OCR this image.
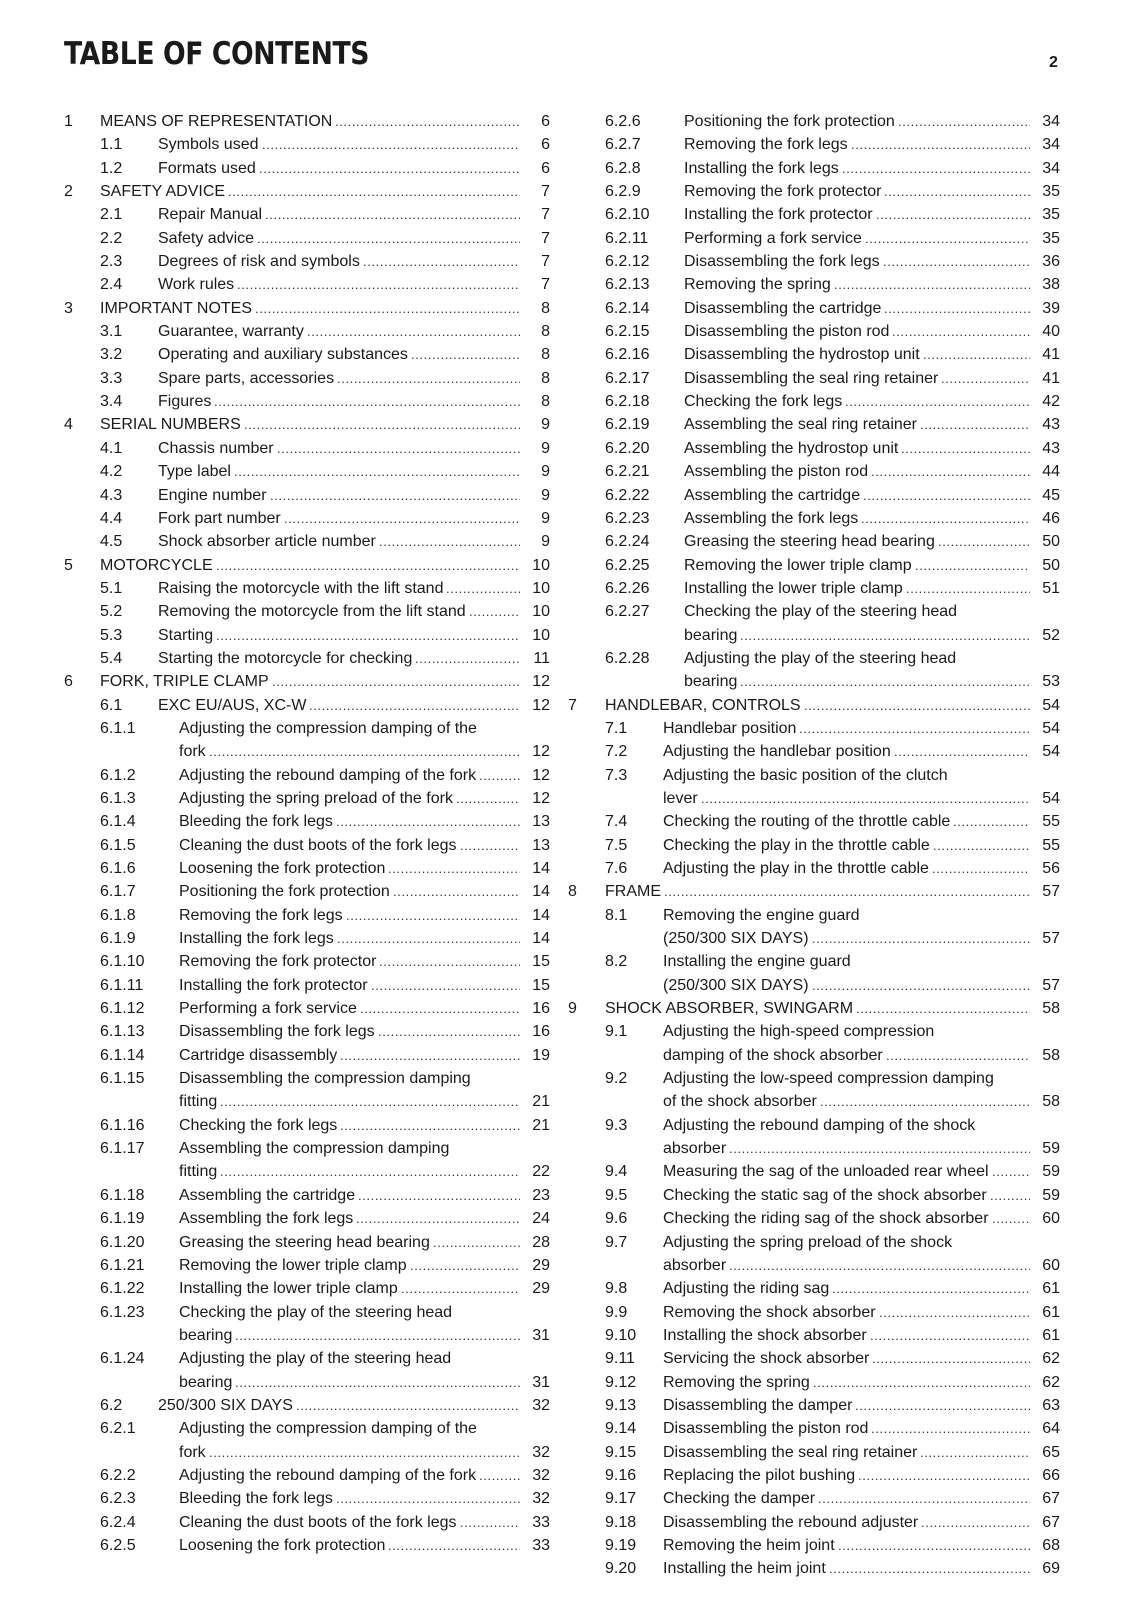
TABLE OF CONTENTS	2
1 MEANS OF REPRESENTATION .....	6
1.1 Symbols used .....	6
1.2 Formats used .....	6
2 SAFETY ADVICE .....	7
2.1 Repair Manual .....	7
2.2 Safety advice .....	7
2.3 Degrees of risk and symbols .....	7
2.4 Work rules .....	7
3 IMPORTANT NOTES .....	8
3.1 Guarantee, warranty .....	8
3.2 Operating and auxiliary substances .....	8
3.3 Spare parts, accessories .....	8
3.4 Figures .....	8
4 SERIAL NUMBERS .....	9
4.1 Chassis number .....	9
4.2 Type label .....	9
4.3 Engine number .....	9
4.4 Fork part number .....	9
4.5 Shock absorber article number .....	9
5 MOTORCYCLE .....	10
5.1 Raising the motorcycle with the lift stand .....	10
5.2 Removing the motorcycle from the lift stand .....	10
5.3 Starting .....	10
5.4 Starting the motorcycle for checking .....	11
6 FORK, TRIPLE CLAMP .....	12
6.1 EXC EU/AUS, XC-W .....	12
6.1.1	Adjusting the compression damping of the
fork .....	12
6.1.2	Adjusting the rebound damping of the fork .....	12
6.1.3	Adjusting the spring preload of the fork .....	12
6.1.4	Bleeding the fork legs .....	13
6.1.5	Cleaning the dust boots of the fork legs .....	13
6.1.6	Loosening the fork protection .....	14
6.1.7	Positioning the fork protection .....	14
6.1.8	Removing the fork legs .....	14
6.1.9	Installing the fork legs .....	14
6.1.10 Removing the fork protector .....	15
6.1.11 Installing the fork protector .....	15
6.1.12 Performing a fork service .....	16
6.1.13 Disassembling the fork legs .....	16
6.1.14 Cartridge disassembly .....	19
6.1.15 Disassembling the compression damping
fitting .....	21
6.1.16 Checking the fork legs .....	21
6.1.17 Assembling the compression damping
fitting .....	22
6.1.18 Assembling the cartridge .....	23
6.1.19 Assembling the fork legs .....	24
6.1.20 Greasing the steering head bearing .....	28
6.1.21 Removing the lower triple clamp .....	29
6.1.22 Installing the lower triple clamp .....	29
6.1.23 Checking the play of the steering head
bearing .....	31
6.1.24 Adjusting the play of the steering head
bearing .....	31
6.2 250/300 SIX DAYS .....	32
6.2.1	Adjusting the compression damping of the
fork .....	32
6.2.2	Adjusting the rebound damping of the fork .....	32
6.2.3	Bleeding the fork legs .....	32
6.2.4	Cleaning the dust boots of the fork legs .....	33
6.2.5	Loosening the fork protection .....	33
6.2.6	Positioning the fork protection .....	34
6.2.7	Removing the fork legs .....	34
6.2.8	Installing the fork legs .....	34
6.2.9	Removing the fork protector .....	35
6.2.10 Installing the fork protector .....	35
6.2.11 Performing a fork service .....	35
6.2.12 Disassembling the fork legs .....	36
6.2.13 Removing the spring .....	38
6.2.14 Disassembling the cartridge .....	39
6.2.15 Disassembling the piston rod .....	40
6.2.16 Disassembling the hydrostop unit .....	41
6.2.17 Disassembling the seal ring retainer .....	41
6.2.18 Checking the fork legs .....	42
6.2.19 Assembling the seal ring retainer .....	43
6.2.20 Assembling the hydrostop unit .....	43
6.2.21 Assembling the piston rod .....	44
6.2.22 Assembling the cartridge .....	45
6.2.23 Assembling the fork legs .....	46
6.2.24 Greasing the steering head bearing .....	50
6.2.25 Removing the lower triple clamp .....	50
6.2.26 Installing the lower triple clamp .....	51
6.2.27 Checking the play of the steering head
bearing .....	52
6.2.28 Adjusting the play of the steering head
bearing .....	53
7 HANDLEBAR, CONTROLS .....	54
7.1 Handlebar position .....	54
7.2 Adjusting the handlebar position .....	54
7.3 Adjusting the basic position of the clutch
lever .....	54
7.4 Checking the routing of the throttle cable .....	55
7.5 Checking the play in the throttle cable .....	55
7.6 Adjusting the play in the throttle cable .....	56
8 FRAME .....	57
8.1 Removing the engine guard
(250/300 SIX DAYS) .....	57
8.2 Installing the engine guard
(250/300 SIX DAYS) .....	57
9 SHOCK ABSORBER, SWINGARM .....	58
9.1 Adjusting the high-speed compression
damping of the shock absorber .....	58
9.2 Adjusting the low-speed compression damping
of the shock absorber .....	58
9.3 Adjusting the rebound damping of the shock
absorber .....	59
9.4 Measuring the sag of the unloaded rear wheel .....	59
9.5 Checking the static sag of the shock absorber .....	59
9.6 Checking the riding sag of the shock absorber .....	60
9.7 Adjusting the spring preload of the shock
absorber .....	60
9.8 Adjusting the riding sag .....	61
9.9 Removing the shock absorber .....	61
9.10 Installing the shock absorber .....	61
9.11 Servicing the shock absorber .....	62
9.12 Removing the spring .....	62
9.13 Disassembling the damper .....	63
9.14 Disassembling the piston rod .....	64
9.15 Disassembling the seal ring retainer .....	65
9.16 Replacing the pilot bushing .....	66
9.17 Checking the damper .....	67
9.18 Disassembling the rebound adjuster .....	67
9.19 Removing the heim joint .....	68
9.20 Installing the heim joint .....	69
